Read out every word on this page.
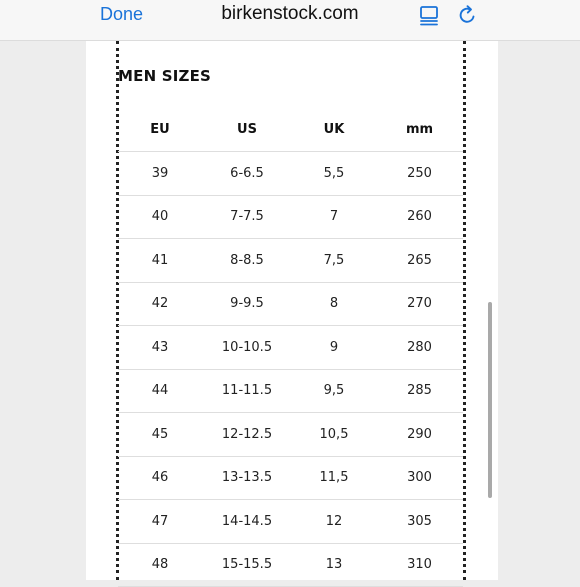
Done	birkenstock.com
MEN SIZES
EU	US	UK	mm
39	6-6.5	5,5	250
40	7-7.5	7	260
41	8-8.5	7,5	265
42	9-9.5	8	270
43	10-10.5	9	280
44	11-11.5	9,5	285
45	12-12.5	10,5	290
46	13-13.5	11,5	300
47	14-14.5	12	305
48	15-15.5	13	310
